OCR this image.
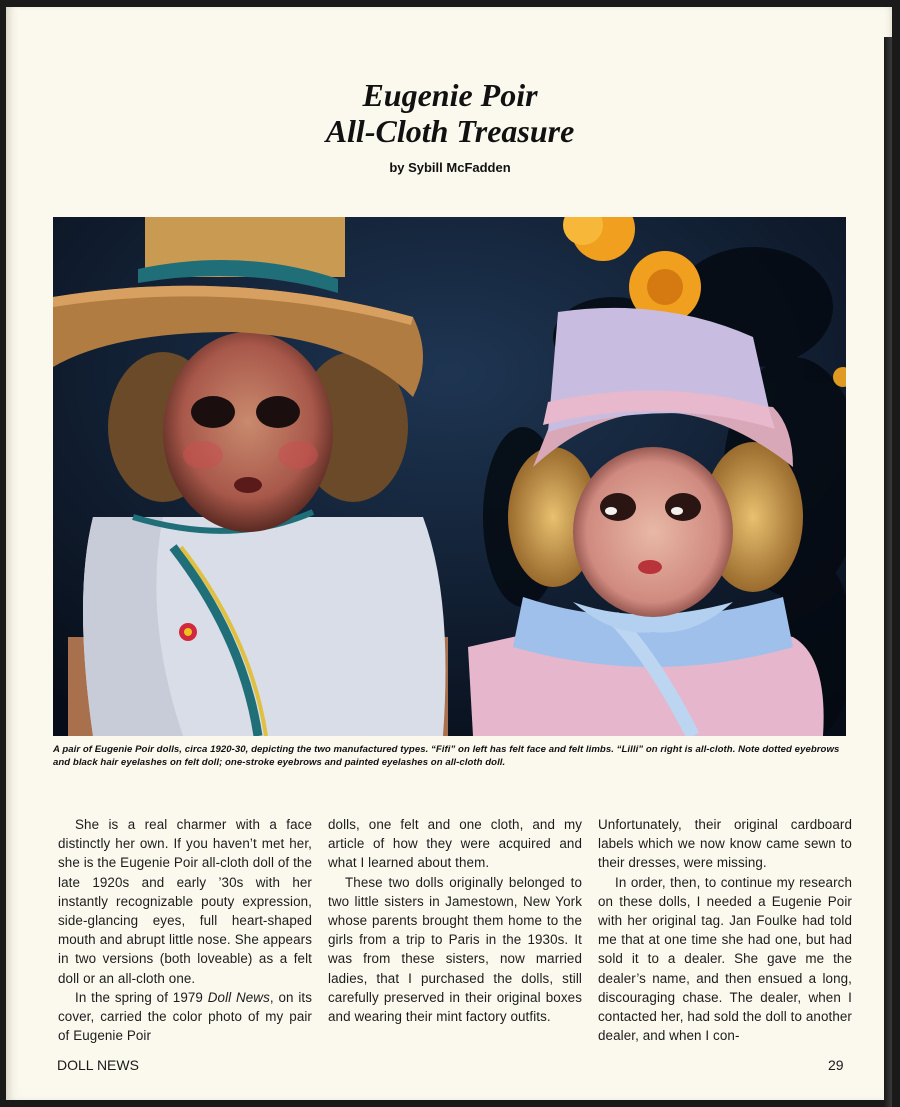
Eugenie Poir
All-Cloth Treasure
by Sybill McFadden
A pair of Eugenie Poir dolls, circa 1920-30, depicting the two manufactured types. “Fifi” on left has felt face and felt limbs. “Lilli” on right is all-cloth. Note dotted eyebrows and black hair eyelashes on felt doll; one-stroke eyebrows and painted eyelashes on all-cloth doll.

She is a real charmer with a face distinctly her own. If you haven’t met her, she is the Eugenie Poir all-cloth doll of the late 1920s and early ’30s with her instantly recognizable pouty expression, side-glancing eyes, full heart-shaped mouth and abrupt little nose. She appears in two versions (both loveable) as a felt doll or an all-cloth one.

In the spring of 1979 Doll News, on its cover, carried the color photo of my pair of Eugenie Poir

dolls, one felt and one cloth, and my article of how they were acquired and what I learned about them.

These two dolls originally belonged to two little sisters in Jamestown, New York whose parents brought them home to the girls from a trip to Paris in the 1930s. It was from these sisters, now married ladies, that I purchased the dolls, still carefully preserved in their original boxes and wearing their mint factory outfits.

Unfortunately, their original cardboard labels which we now know came sewn to their dresses, were missing.

In order, then, to continue my research on these dolls, I needed a Eugenie Poir with her original tag. Jan Foulke had told me that at one time she had one, but had sold it to a dealer. She gave me the dealer’s name, and then ensued a long, discouraging chase. The dealer, when I contacted her, had sold the doll to another dealer, and when I con-

DOLL NEWS	29
